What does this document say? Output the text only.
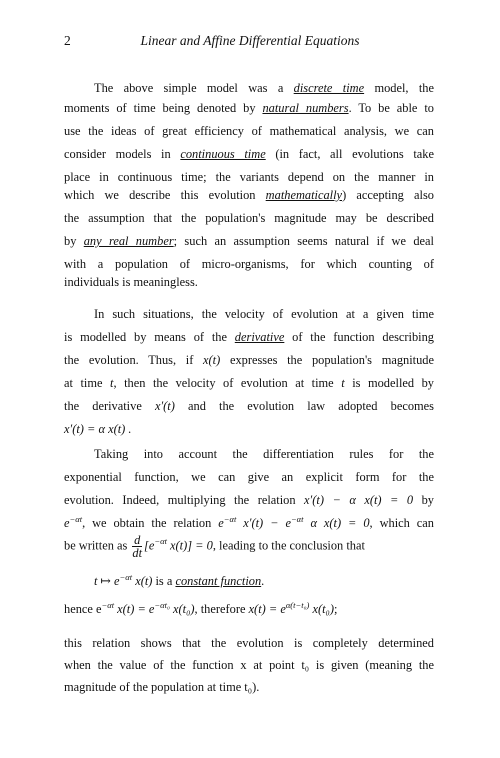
2	Linear and Affine Differential Equations
The above simple model was a discrete time model, the
moments of time being denoted by natural numbers. To be able to
use the ideas of great efficiency of mathematical analysis, we can
consider models in continuous time (in fact, all evolutions take
place in continuous time; the variants depend on the manner in
which we describe this evolution mathematically) accepting also
the assumption that the population's magnitude may be described
by any real number; such an assumption seems natural if we deal
with a population of micro-organisms, for which counting of
individuals is meaningless.
In such situations, the velocity of evolution at a given time
is modelled by means of the derivative of the function describing
the evolution. Thus, if x(t) expresses the population's magnitude
at time t, then the velocity of evolution at time t is modelled by
the derivative x′(t) and the evolution law adopted becomes
x′(t) = α x(t) .
Taking into account the differentiation rules for the
exponential function, we can give an explicit form for the
evolution. Indeed, multiplying the relation x′(t) − α x(t) = 0 by
$e^{-\alpha t}$, we obtain the relation $e^{-\alpha t}$ $x'(t) - e^{-\alpha t}$ α x(t) = 0, which can
be written as $\frac{d}{dt} [e^{-\alpha t}$ x(t)] = 0, leading to the conclusion that
t ↦ $e^{-\alpha t}$ x(t) is a constant function.
hence $e^{-\alpha t}$ $x(t) = e^{-\alpha t_0}$ x(t₀), therefore $x(t) = e^{\alpha(t-t_0)}$ x(t₀);
this relation shows that the evolution is completely determined
when the value of the function x at point t₀ is given (meaning the
magnitude of the population at time t₀).
